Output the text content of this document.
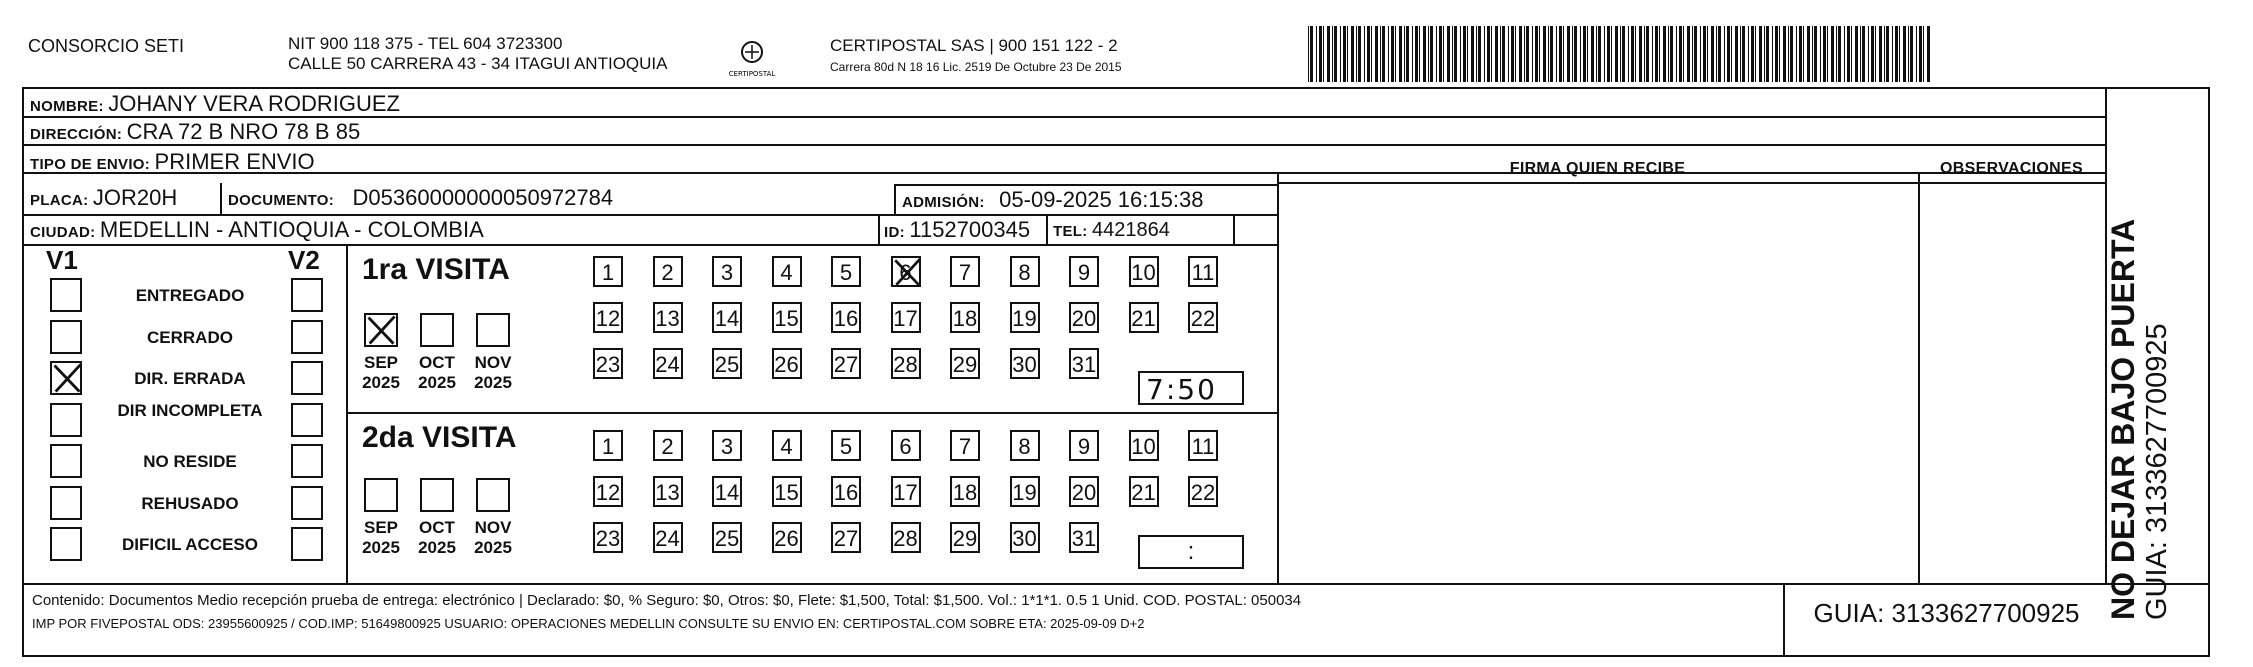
CONSORCIO SETI	NIT 900 118 375 - TEL 604 3723300
CALLE 50 CARRERA 43 - 34 ITAGUI ANTIOQUIA
CERTIPOSTAL
CERTIPOSTAL SAS | 900 151 122 - 2
Carrera 80d N 18 16 Lic. 2519 De Octubre 23 De 2015
NOMBRE: JOHANY VERA RODRIGUEZ
DIRECCIÓN: CRA 72 B NRO 78 B 85
TIPO DE ENVIO: PRIMER ENVIO
PLACA: JOR20H	DOCUMENTO: D05360000000050972784	ADMISIÓN: 05-09-2025 16:15:38
CIUDAD: MEDELLIN - ANTIOQUIA - COLOMBIA	ID: 1152700345 TEL: 4421864
FIRMA QUIEN RECIBE	OBSERVACIONES
V1	V2
ENTREGADO
CERRADO
DIR. ERRADA
DIR INCOMPLETA
NO RESIDE
REHUSADO
DIFICIL ACCESO
1ra VISITA
2da VISITA
SEP
2025
OCT
2025
NOV
2025
SEP
2025
OCT
2025
NOV
2025
1	2	3	4	5	6	7	8	9	10 11
12 13 14 15 16 17 18 19 20 21 22
23 24 25 26 27 28 29 30 31
1	2	3	4	5	6	7	8	9	10 11
12 13 14 15 16 17 18 19 20 21 22
23 24 25 26 27 28 29 30 31
7:50
:
Contenido: Documentos Medio recepción prueba de entrega: electrónico | Declarado: $0, % Seguro: $0, Otros: $0, Flete: $1,500, Total: $1,500. Vol.: 1*1*1. 0.5 1 Unid. COD. POSTAL: 050034
IMP POR FIVEPOSTAL ODS: 23955600925 / COD.IMP: 51649800925 USUARIO: OPERACIONES MEDELLIN CONSULTE SU ENVIO EN: CERTIPOSTAL.COM SOBRE ETA: 2025-09-09 D+2	GUIA: 3133627700925 NO DEJAR BAJO PUERTA GUIA: 3133627700925
